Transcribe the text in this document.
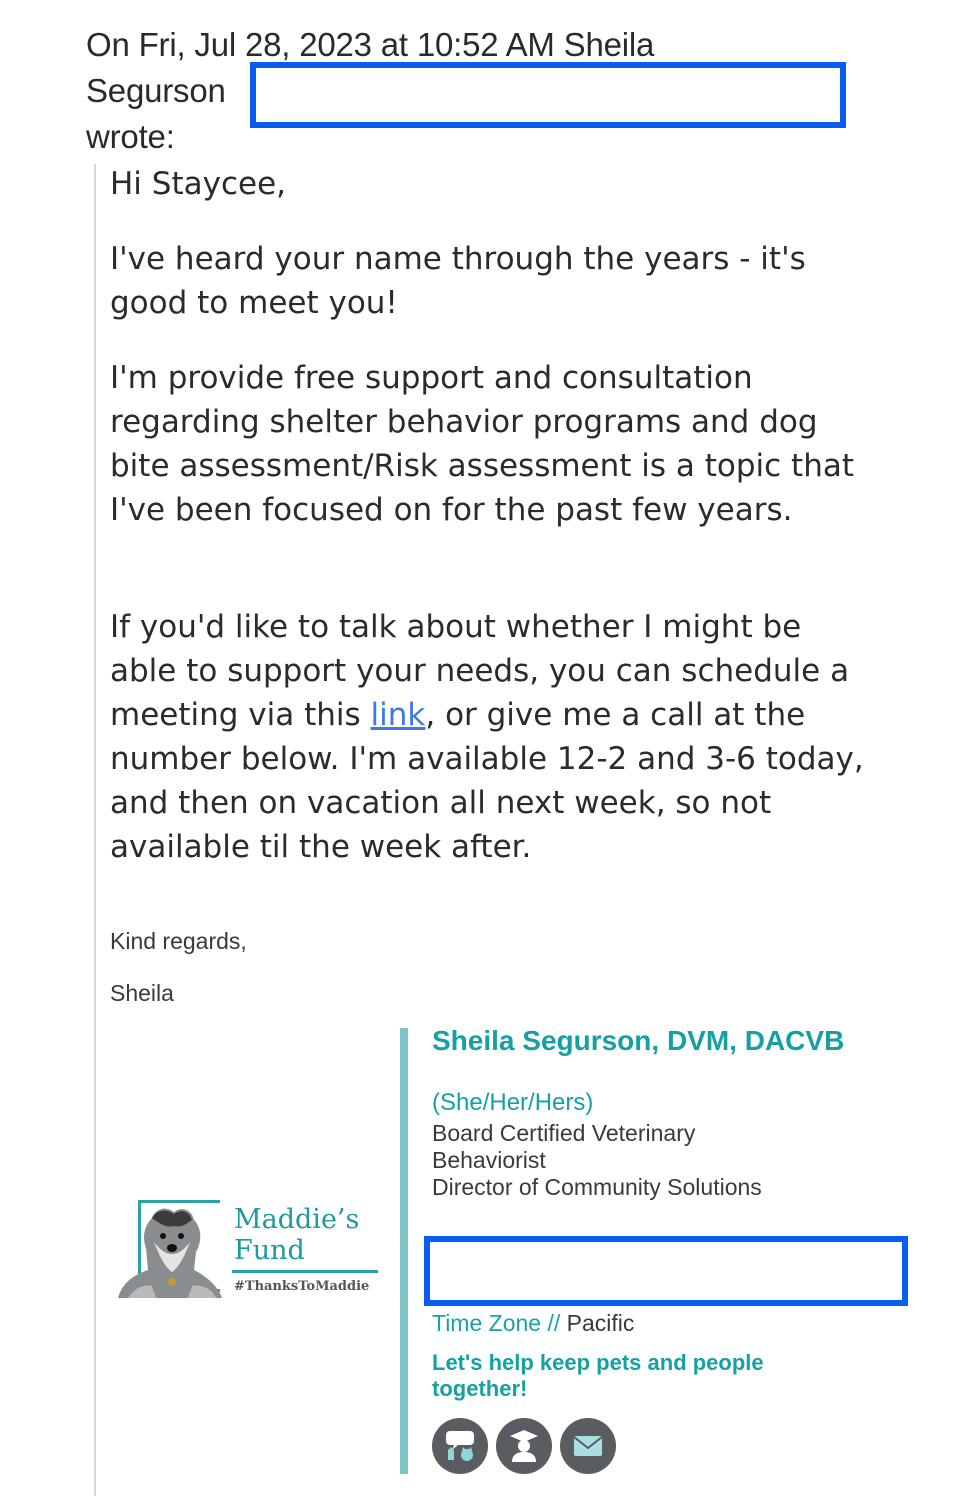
On Fri, Jul 28, 2023 at 10:52 AM Sheila
Segurson
wrote:

Hi Staycee,

I've heard your name through the years - it's good to meet you!

I'm provide free support and consultation regarding shelter behavior programs and dog bite assessment/Risk assessment is a topic that I've been focused on for the past few years.

If you'd like to talk about whether I might be able to support your needs, you can schedule a meeting via this link, or give me a call at the number below. I'm available 12-2 and 3-6 today, and then on vacation all next week, so not available til the week after.

Kind regards,
Sheila
Maddie’s
Fund
#ThanksToMaddie
Sheila Segurson, DVM, DACVB
(She/Her/Hers)
Board Certified Veterinary
Behaviorist
Director of Community Solutions
Time Zone // Pacific
Let's help keep pets and people together!
